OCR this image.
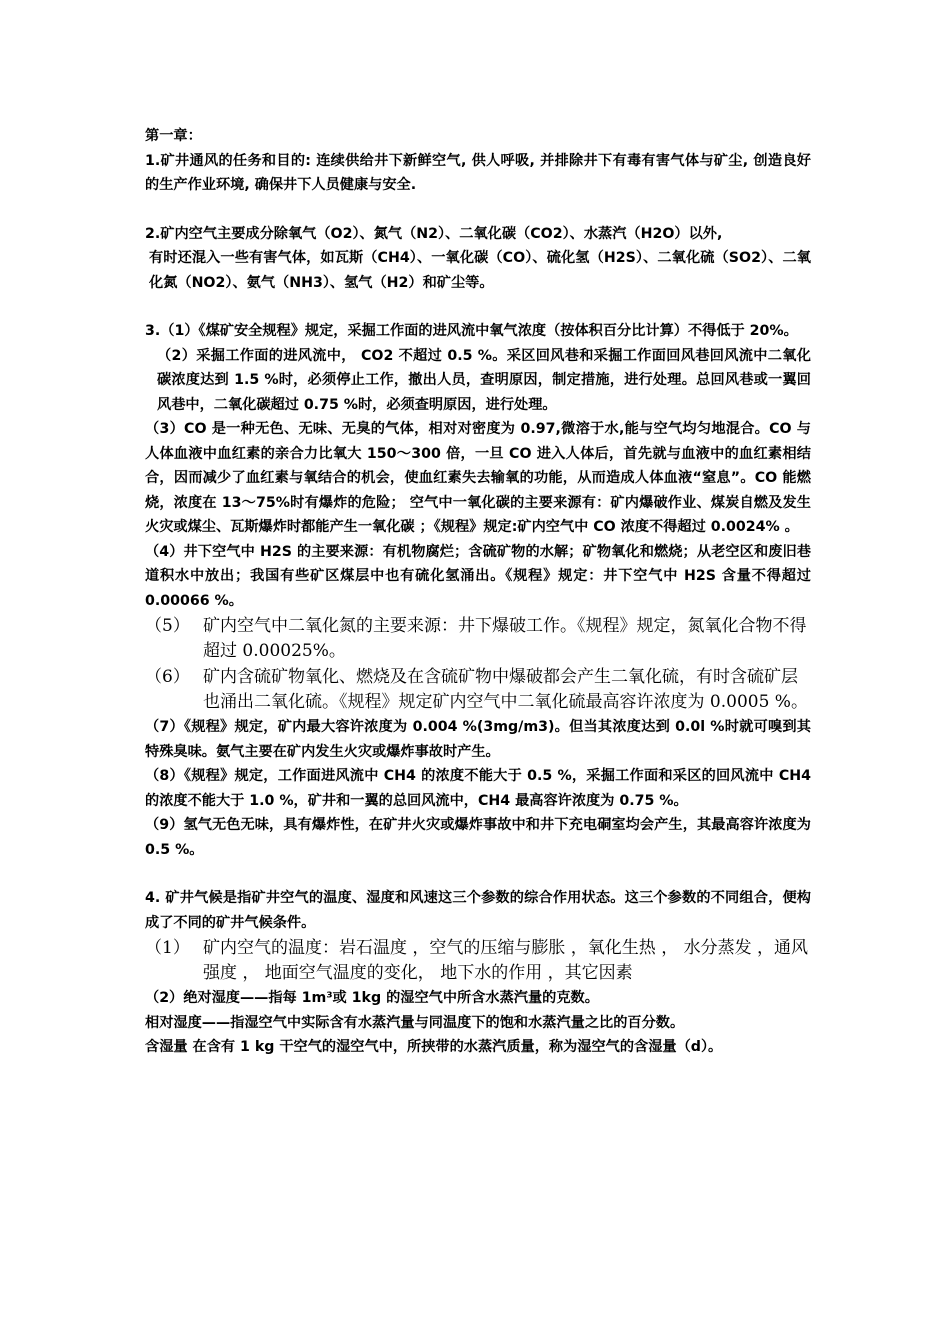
第一章：

1.矿井通风的任务和目的: 连续供给井下新鲜空气, 供人呼吸, 并排除井下有毒有害气体与矿尘, 创造良好的生产作业环境, 确保井下人员健康与安全.

2.矿内空气主要成分除氧气（O2）、氮气（N2）、二氧化碳（CO2）、水蒸汽（H2O）以外,

有时还混入一些有害气体，如瓦斯（CH4）、一氧化碳（CO）、硫化氢（H2S）、二氧化硫（SO2）、二氧化氮（NO2）、氨气（NH3）、氢气（H2）和矿尘等。

3.（1）《煤矿安全规程》规定，采掘工作面的进风流中氧气浓度（按体积百分比计算）不得低于 20%。

（2）采掘工作面的进风流中， CO2 不超过 0.5 %。采区回风巷和采掘工作面回风巷回风流中二氧化碳浓度达到 1.5 %时，必须停止工作，撤出人员，查明原因，制定措施，进行处理。总回风巷或一翼回风巷中，二氧化碳超过 0.75 %时，必须查明原因，进行处理。

（3）CO 是一种无色、无味、无臭的气体，相对对密度为 0.97,微溶于水,能与空气均匀地混合。CO 与人体血液中血红素的亲合力比氧大 150～300 倍，一旦 CO 进入人体后，首先就与血液中的血红素相结合，因而减少了血红素与氧结合的机会，使血红素失去输氧的功能，从而造成人体血液“窒息”。CO 能燃烧，浓度在 13～75%时有爆炸的危险； 空气中一氧化碳的主要来源有：矿内爆破作业、煤炭自燃及发生火灾或煤尘、瓦斯爆炸时都能产生一氧化碳 ；《规程》规定:矿内空气中 CO 浓度不得超过 0.0024% 。

（4）井下空气中 H2S 的主要来源：有机物腐烂；含硫矿物的水解；矿物氧化和燃烧；从老空区和废旧巷道积水中放出；我国有些矿区煤层中也有硫化氢涌出。《规程》规定：井下空气中 H2S 含量不得超过 0.00066 %。

（5） 矿内空气中二氧化氮的主要来源：井下爆破工作。《规程》规定，氮氧化合物不得超过 0.00025%。
（6） 矿内含硫矿物氧化、燃烧及在含硫矿物中爆破都会产生二氧化硫，有时含硫矿层也涌出二氧化硫。《规程》规定矿内空气中二氧化硫最高容许浓度为 0.0005 %。

（7）《规程》规定，矿内最大容许浓度为 0.004 %(3mg/m3)。但当其浓度达到 0.0l %时就可嗅到其特殊臭味。氨气主要在矿内发生火灾或爆炸事故时产生。

（8）《规程》规定，工作面进风流中 CH4 的浓度不能大于 0.5 %，采掘工作面和采区的回风流中 CH4 的浓度不能大于 1.0 %，矿井和一翼的总回风流中，CH4 最高容许浓度为 0.75 %。

（9）氢气无色无味，具有爆炸性，在矿井火灾或爆炸事故中和井下充电硐室均会产生，其最高容许浓度为 0.5 %。

4. 矿井气候是指矿井空气的温度、湿度和风速这三个参数的综合作用状态。这三个参数的不同组合，便构成了不同的矿井气候条件。

（1） 矿内空气的温度：岩石温度 ，空气的压缩与膨胀 ，氧化生热 ， 水分蒸发 ，通风强度 ， 地面空气温度的变化， 地下水的作用 ，其它因素

（2）绝对湿度——指每 1m³或 1kg 的湿空气中所含水蒸汽量的克数。

相对湿度——指湿空气中实际含有水蒸汽量与同温度下的饱和水蒸汽量之比的百分数。

含湿量 在含有 1 kg 干空气的湿空气中，所挟带的水蒸汽质量，称为湿空气的含湿量（d）。
